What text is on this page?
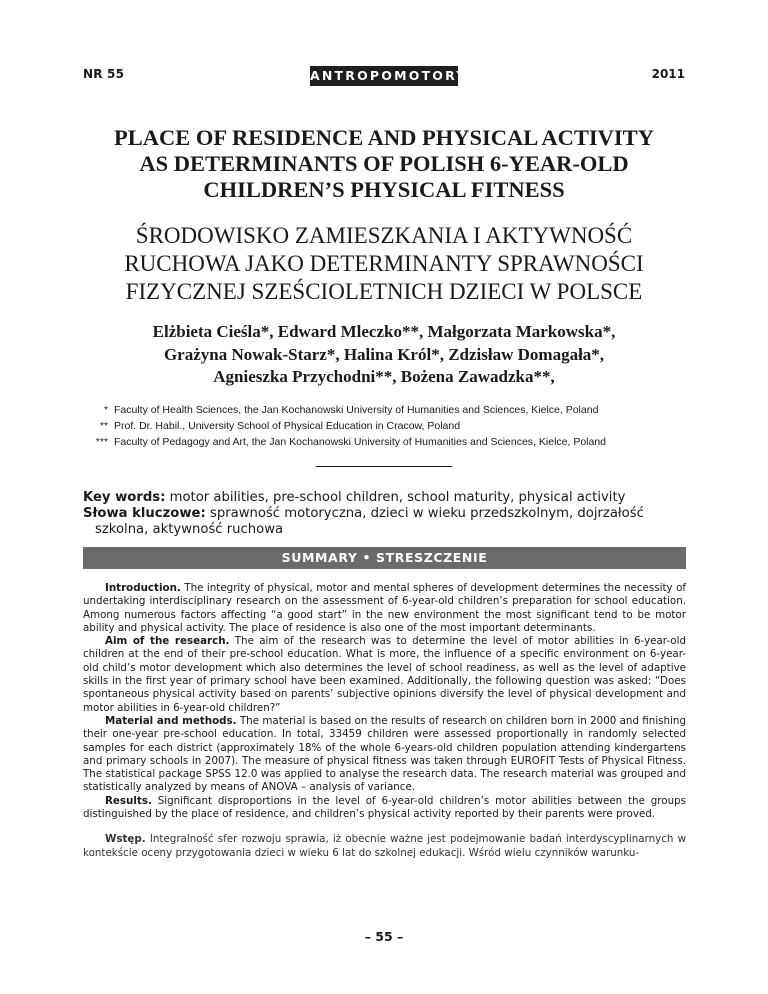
NR 55	ANTROPOMOTORYKA	2011
PLACE OF RESIDENCE AND PHYSICAL ACTIVITY
AS DETERMINANTS OF POLISH 6-YEAR-OLD
CHILDREN’S PHYSICAL FITNESS
ŚRODOWISKO ZAMIESZKANIA I AKTYWNOŚĆ
RUCHOWA JAKO DETERMINANTY SPRAWNOŚCI
FIZYCZNEJ SZEŚCIOLETNICH DZIECI W POLSCE
Elżbieta Cieśla*, Edward Mleczko**, Małgorzata Markowska*,
Grażyna Nowak-Starz*, Halina Król*, Zdzisław Domagała*,
Agnieszka Przychodni**, Bożena Zawadzka**,
* Faculty of Health Sciences, the Jan Kochanowski University of Humanities and Sciences, Kielce, Poland
** Prof. Dr. Habil., University School of Physical Education in Cracow, Poland
*** Faculty of Pedagogy and Art, the Jan Kochanowski University of Humanities and Sciences, Kielce, Poland
Key words: motor abilities, pre-school children, school maturity, physical activity
Słowa kluczowe: sprawność motoryczna, dzieci w wieku przedszkolnym, dojrzałość
szkolna, aktywność ruchowa
SUMMARY • STRESZCZENIE

Introduction. The integrity of physical, motor and mental spheres of development determines the necessity of undertaking interdisciplinary research on the assessment of 6-year-old children’s preparation for school education. Among numerous factors affecting “a good start” in the new environment the most significant tend to be motor ability and physical activity. The place of residence is also one of the most important determinants.

Aim of the research. The aim of the research was to determine the level of motor abilities in 6-year-old children at the end of their pre-school education. What is more, the influence of a specific environment on 6-year-old child’s motor development which also determines the level of school readiness, as well as the level of adaptive skills in the first year of primary school have been examined. Additionally, the following question was asked: “Does spontaneous physical activity based on parents’ subjective opinions diversify the level of physical development and motor abilities in 6-year-old children?”

Material and methods. The material is based on the results of research on children born in 2000 and finishing their one-year pre-school education. In total, 33459 children were assessed proportionally in randomly selected samples for each district (approximately 18% of the whole 6-years-old children population attending kindergartens and primary schools in 2007). The measure of physical fitness was taken through EUROFIT Tests of Physical Fitness. The statistical package SPSS 12.0 was applied to analyse the research data. The research material was grouped and statistically analyzed by means of ANOVA – analysis of variance.

Results. Significant disproportions in the level of 6-year-old children’s motor abilities between the groups distinguished by the place of residence, and children’s physical activity reported by their parents were proved.

Wstęp. Integralność sfer rozwoju sprawia, iż obecnie ważne jest podejmowanie badań interdyscyplinarnych w kontekście oceny przygotowania dzieci w wieku 6 lat do szkolnej edukacji. Wśród wielu czynników warunku-

– 55 –
